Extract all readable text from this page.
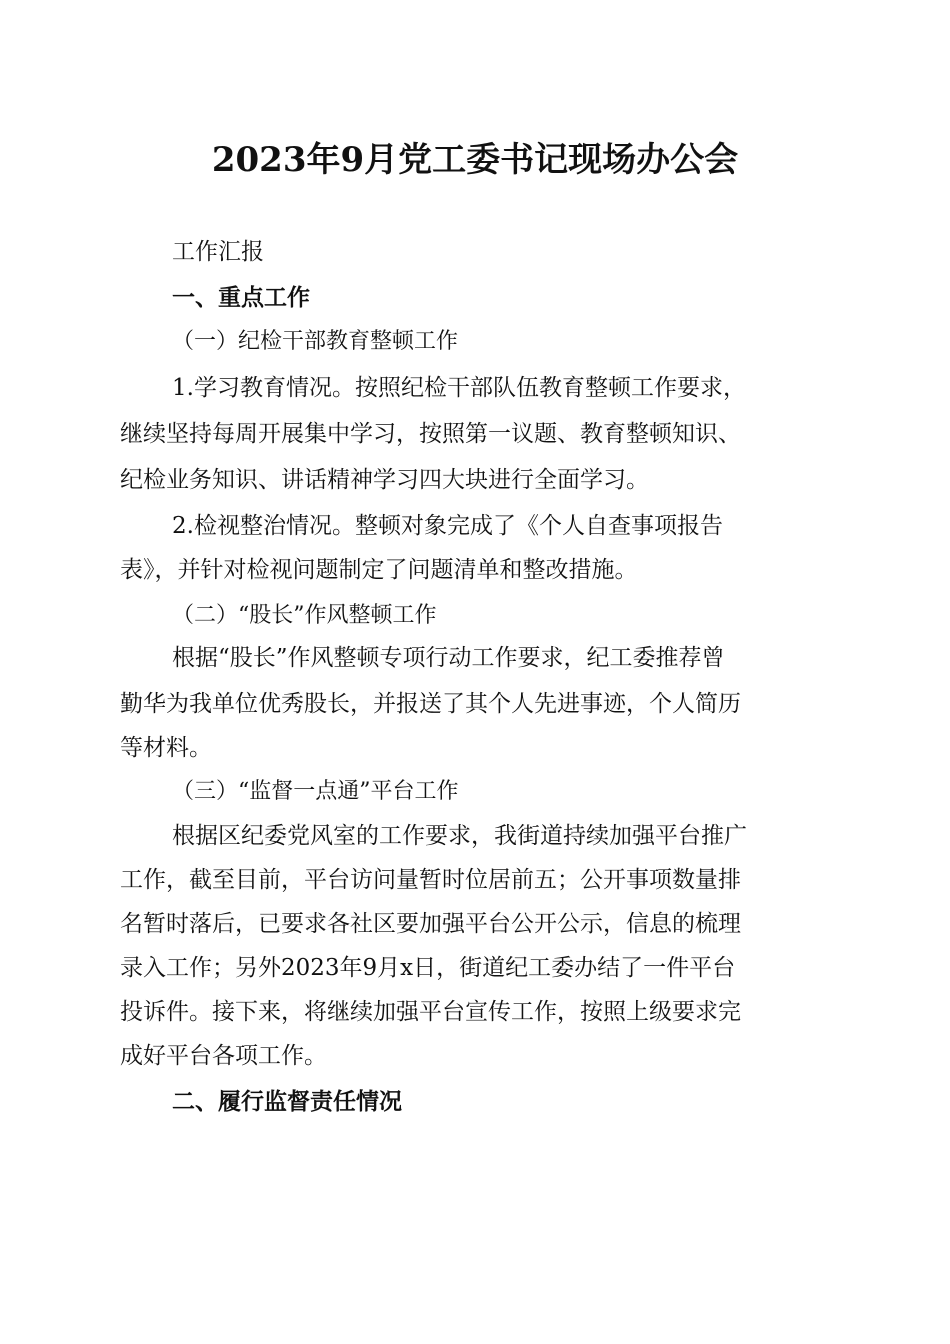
2023年9月党工委书记现场办公会
工作汇报
一、重点工作
（一）纪检干部教育整顿工作
1.学习教育情况。按照纪检干部队伍教育整顿工作要求，
继续坚持每周开展集中学习，按照第一议题、教育整顿知识、
纪检业务知识、讲话精神学习四大块进行全面学习。
2.检视整治情况。整顿对象完成了《个人自查事项报告
表》，并针对检视问题制定了问题清单和整改措施。
（二）“股长”作风整顿工作
根据“股长”作风整顿专项行动工作要求，纪工委推荐曾
勤华为我单位优秀股长，并报送了其个人先进事迹，个人简历
等材料。
（三）“监督一点通”平台工作
根据区纪委党风室的工作要求，我街道持续加强平台推广
工作，截至目前，平台访问量暂时位居前五；公开事项数量排
名暂时落后，已要求各社区要加强平台公开公示，信息的梳理
录入工作；另外2023年9月x日，街道纪工委办结了一件平台
投诉件。接下来，将继续加强平台宣传工作，按照上级要求完
成好平台各项工作。
二、履行监督责任情况
